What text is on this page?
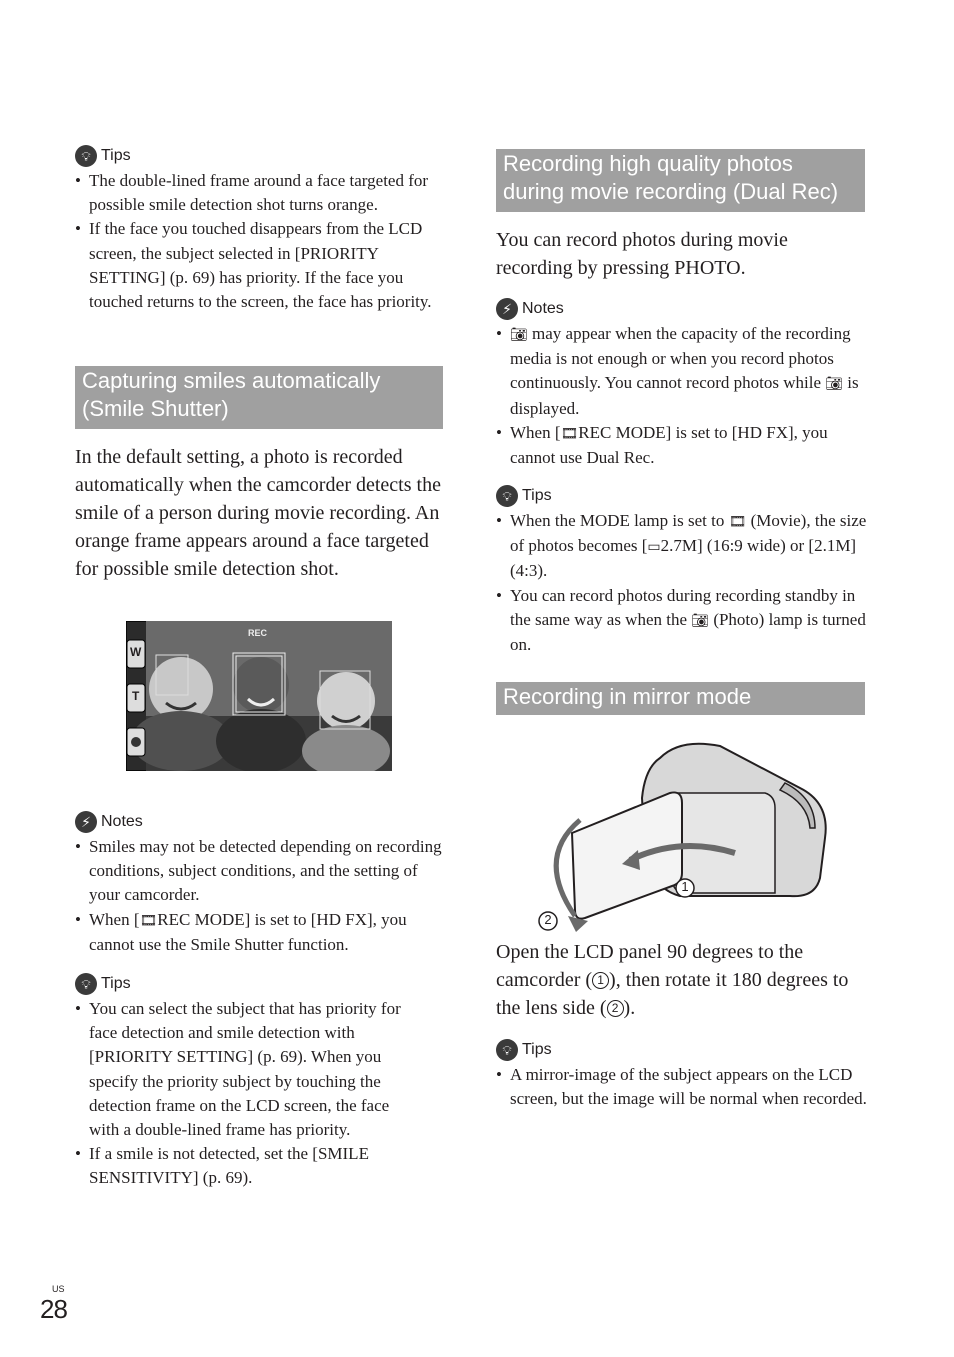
💡︎ Tips
• The double-lined frame around a face targeted for possible smile detection shot turns orange.
• If the face you touched disappears from the LCD screen, the subject selected in [PRIORITY SETTING] (p. 69) has priority. If the face you touched returns to the screen, the face has priority.
Capturing smiles automatically (Smile Shutter)

In the default setting, a photo is recorded automatically when the camcorder detects the smile of a person during movie recording. An orange frame appears around a face targeted for possible smile detection shot.

W
T
REC
⚡︎ Notes
• Smiles may not be detected depending on recording conditions, subject conditions, and the setting of your camcorder.
• When [🎞︎REC MODE] is set to [HD FX], you cannot use the Smile Shutter function.
💡︎ Tips
• You can select the subject that has priority for face detection and smile detection with [PRIORITY SETTING] (p. 69). When you specify the priority subject by touching the detection frame on the LCD screen, the face with a double-lined frame has priority.
• If a smile is not detected, set the [SMILE SENSITIVITY] (p. 69).
Recording high quality photos during movie recording (Dual Rec)

You can record photos during movie recording by pressing PHOTO.

⚡︎ Notes
• 📷︎ may appear when the capacity of the recording media is not enough or when you record photos continuously. You cannot record photos while 📷︎ is displayed.
• When [🎞︎REC MODE] is set to [HD FX], you cannot use Dual Rec.
💡︎ Tips
• When the MODE lamp is set to 🎞︎ (Movie), the size of photos becomes [▭2.7M] (16:9 wide) or [2.1M] (4:3).
• You can record photos during recording standby in the same way as when the 📷︎ (Photo) lamp is turned on.
Recording in mirror mode
1
2

Open the LCD panel 90 degrees to the camcorder ( 1 ), then rotate it 180 degrees to the lens side ( 2 ).

💡︎ Tips
• A mirror-image of the subject appears on the LCD screen, but the image will be normal when recorded.
US
28
